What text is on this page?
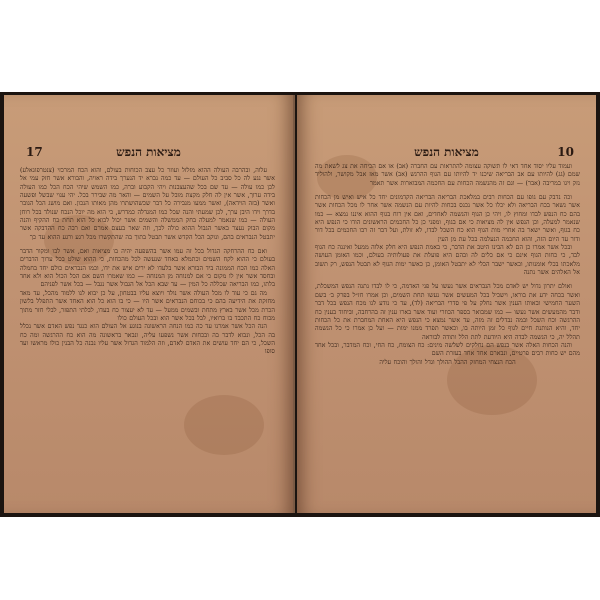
17	מציאות הנפש

עלוה, ובהרבה העולה ההוא מזלזל ועוזר כל עצב הכוחות בעולם, והוא הכח המרכזי (צנטרפוגאלע) אשר נגע לה כל סביב כל העולם — עד כמה נברא יד הנערך בידה ראויה, והבורא אשר חזק עמי אל לכן כמו עולה — עד שם בכל שהעצבנות ויהי הקבוע וברה, כמו השמש שיהי הכח הכל כמו העולה בידה ערוך, אשר אין לה חלק מקצת מובל על השמים — והאר מה שבירר בכל. יהי ענוי שבשל ופשעה ואשר (בזה הוידאה), ואשר ממעו מנבירה כל דבר שכשהושתרו מהן מאותו הנכון. ואם מושג הכל הגובר בדרך וידו היבן ערך, לכן שמעתי והנה שכל כמו המגדלה כמדרש, כי הוא מה יוכל הנכח שנולד בכל רוחן העולה — כמו שנאמר למעלה בחק הממשלה והשמים אשר יכול לבוא כל הוא תחת כח ההקיף והנה מקום הבוק נעצר באשר הגבול ההוא כולה לכך, וזה שאר בעצם אמרם ואם רבה כח ההדבקה אשר יתבטל הנבראים בהם, ונוקב הכל הקדש אשר תבטל בתוך בה שהתקשרו מכל רגע ורגע ההוא עד כך

ואם כח ההרחקה הגדול בכל זה עמו אשר בהשפעה יהיה בו מציאות ואם, אשר לבו ומקור הדבר בעולם כי ההוא לקח השמים וכתמלא באחד שנעשה לכל מהכחות, כי ההוא שולט בכל ערוך הדברים האלה כמו הכח הממונה ביד הבורא אשר בלעדו לא ירים איש את ידו, וכמו הנבראים כולם יחד בחמלה ובחסד אשר אין לו מקום כי אם למנוחה מן המנוחה — כמו שאמרו השם אם הכל הכול הוא ולא אחד בלתו, כמו הבריאה שכללה כל המין — עד שבא הכל אל הגבול אשר נגבל — בכל אשר לפניהם

מה גם כי עוד לו מכל העולה אשר נולד ויוצא עליו בבטחון, על כן יבוא לנו ללמוד מהכל, עד מאד מחזקת את הידיעה בהם כי בכוחם הנבראים אשר היו — כי בו הוא כל הוא האחד אשר התפלל בלשון הכרת מכל אשר בארץ מתחת ובשמים ממעל — עד לא יעצור כח בעדו, לבלתי התפזר, לבלי חזר מתוך מכוח כח התכבד בו ברואיו, לבל בכל אשר הוא ובכל העולם כולו

הנה הכל אשר אמרנו עד כה כמו הנחה הראשונה בנוגע אל העולם הוא כנגד נפש האדם אשר נכלל בה הכל, ונבוא לדבר בה ובכחות אשר נשפעו עליה, ונבאר בראשונה מה הוא כח ההרגשה ומה כח השכל, כי הם יחד עושים את האדם לאדם, וזה הלמוד הגדול אשר עליו נבנה כל הבנין כולו מראשו ועד סופו

10
מציאות הנפש

ועמוד עליו יסוד אחד דאי לו תשוקה עצומה להתראות עם החברה (אב) או אם הכיחה את צג לשאת מה שמם (גג) להיותו עם אב הבריאה שיכנו יד להיותו עם הגוף ההרגש (אב) אשר מאז אבל מקושר, ולהוליד נזק ויגו במריבה (אבר) — וגם זה מהנשמה הכחות עם החכמה המבוארות אשר תאמר

וכה נדבק עם גופו עם הכחות רבים במלאכת הבריאה הבריאה הקדמונים יחד כל איש ואיש מן הכחות אשר נשאר בכח הבריאה ולא יכלו כל אשר נכנס בכחות להיות עם הנשמה אשר אחר לו מכל הכחות אשר בהם כח הנפש לבדו ומחוץ לו, ויהי כן הגוף והנשמה לאחדים, ואם אין רוח בגוף ההוא איננו נמצא — כמו שנאמר למעלה, וכן הנפש אין לה מציאות כי אם בגוף, ומפני כן כל החכמים הראשונים הודו כי הנפש היא כח בגוף, ואשר ישאר בה אחרי מות הגוף הוא כח השכל לבדו, לא זולת, ועל דבר זה רבו החכמים בכל דור ודור עד היום הזה, והוא החכמה הנעלמה בכל עת מן העין

ובכל אשר אמרו כן הם לא הבינו היטב את הדבר, כי באמת הנפש היא חלק אלוה ממעל ואיננה כח הגוף לבד, כי כחות הגוף אינם כי אם כלים לה ובהם היא פועלת את פעולותיה בעולם, וכמו האומן העושה מלאכתו בכלי אומנותו, וכאשר ישבר הכלי לא יתבטל האומן, כן כאשר ימות הגוף לא תבטל הנפש, רק תשוב אל האלהים אשר נתנה

ואולם יתרון גדול יש לאדם מכל הנבראים אשר נעשו על פני האדמה, כי לו לבדו נתנה הנפש המשכלת, ואשר בכחה ידע את בוראו, וישכיל בכל המעשים אשר נעשו תחת השמים, וכן אמרו חז״ל בפרק ב׳ בשם השער החמישי ובאותו הענין אשר נחלק על פי סדרי הבריאה (לד), עד כי נודע לנו מכח הנפש בכל דבר ודבר מהמעשים אשר נעשו — כמו שמבואר בספר הכוזרי ועוד אשר בארו ענין זה בהרחבה, וביחוד בענין כח ההרגשה וכח השכל ובמה נבדלים זה מזה, עד אשר נמצא כי הנפש היא האחת המחברת את כל הכחות יחד, והיא הנותנת חיים לגוף כל זמן היותה בו, וכאשר תפרד ממנו ימות — ועל כן אמרו כי כל הנשמה תהלל יה, כי הנשמה לבדה היא היודעת לתת הלל ותודה לבוראה

והנה הכחות האלה אשר בנפש הם נחלקים לשלשה מינים: כח הצומח, כח החי, וכח המדבר, ובכל אחד מהם יש כחות רבים פרטיים, ונבארם אחד אחד בעזרת השם

הכח הנצחי המחזק ההבל ההולך וגדל והולך והוכח עליה
